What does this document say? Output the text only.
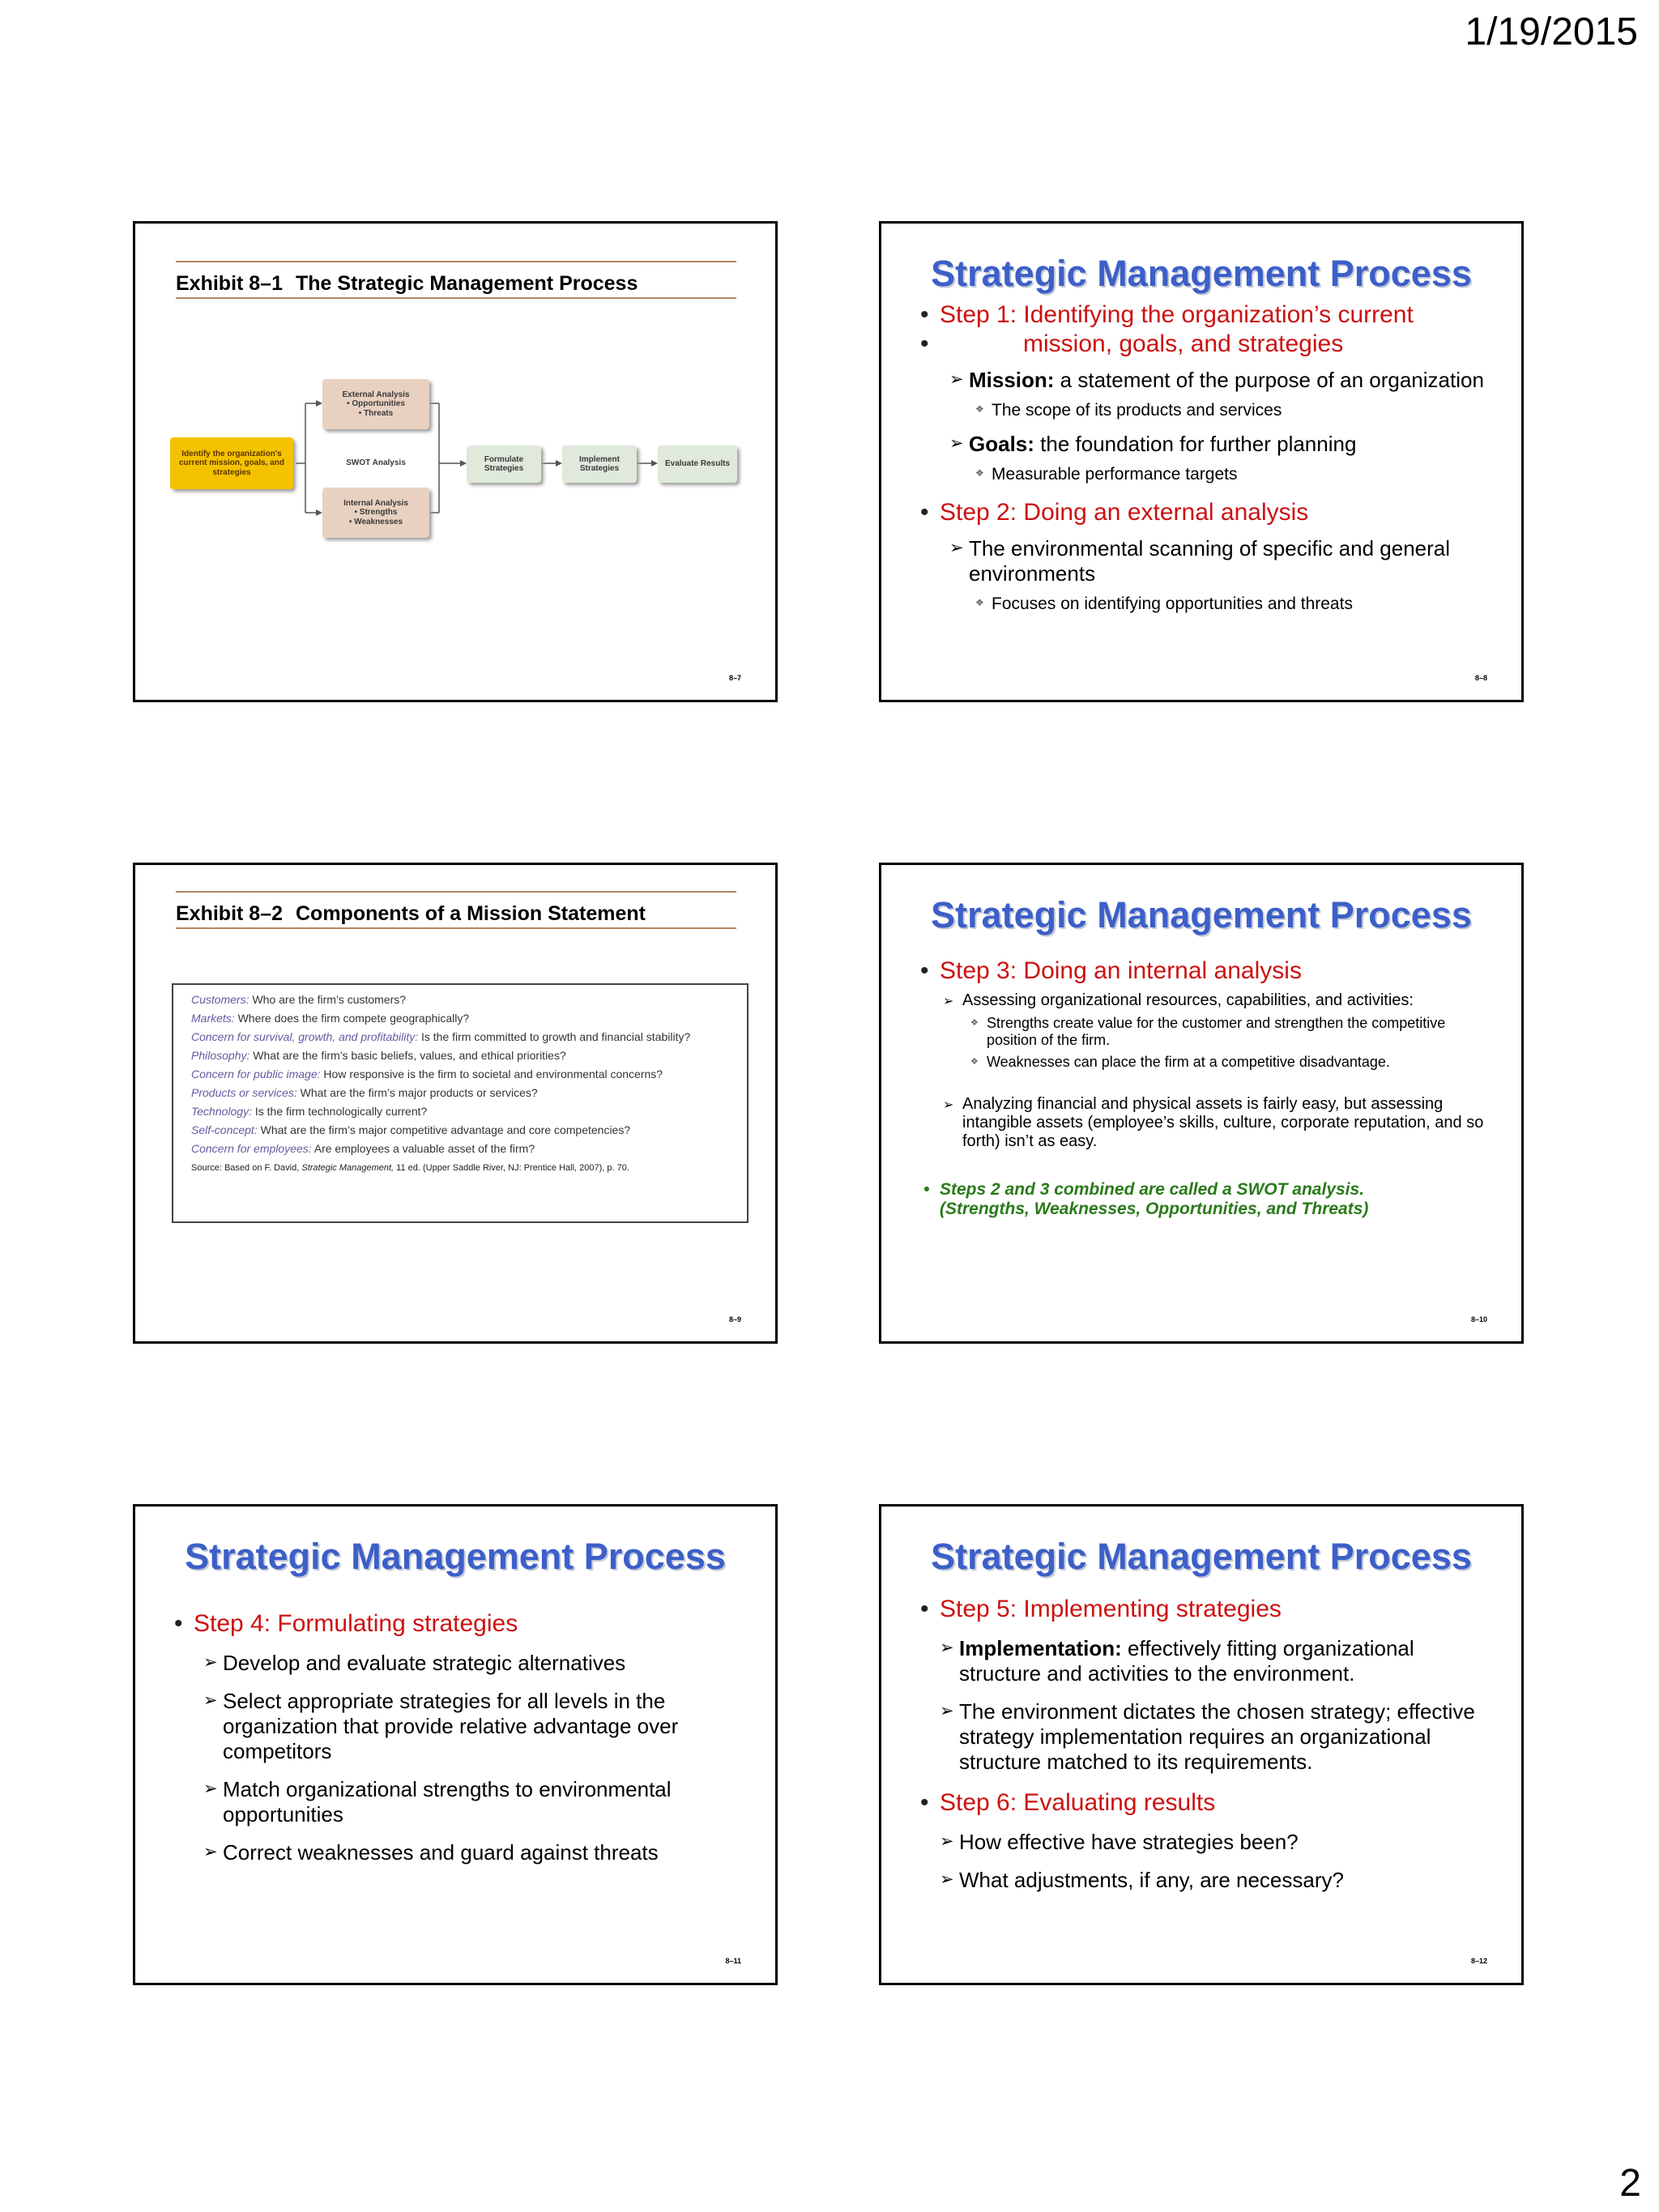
1/19/2015
Exhibit 8–1 The Strategic Management Process
Identify the organization's current mission, goals, and strategies
External Analysis
• Opportunities
• Threats
SWOT Analysis
Internal Analysis
• Strengths
• Weaknesses
Formulate Strategies
Implement Strategies
Evaluate Results
8–7
Strategic Management Process
• Step 1: Identifying the organization’s current
• mission, goals, and strategies
➢ Mission: a statement of the purpose of an organization
❖ The scope of its products and services
➢ Goals: the foundation for further planning
❖ Measurable performance targets
• Step 2: Doing an external analysis
➢ The environmental scanning of specific and general environments
❖ Focuses on identifying opportunities and threats
8–8
Exhibit 8–2 Components of a Mission Statement
Customers: Who are the firm’s customers?
Markets: Where does the firm compete geographically?
Concern for survival, growth, and profitability: Is the firm committed to growth and financial stability?
Philosophy: What are the firm’s basic beliefs, values, and ethical priorities?
Concern for public image: How responsive is the firm to societal and environmental concerns?
Products or services: What are the firm’s major products or services?
Technology: Is the firm technologically current?
Self-concept: What are the firm’s major competitive advantage and core competencies?
Concern for employees: Are employees a valuable asset of the firm?
Source: Based on F. David, Strategic Management, 11 ed. (Upper Saddle River, NJ: Prentice Hall, 2007), p. 70.
8–9
Strategic Management Process
• Step 3: Doing an internal analysis
➢ Assessing organizational resources, capabilities, and activities:
❖ Strengths create value for the customer and strengthen the competitive position of the firm.
❖ Weaknesses can place the firm at a competitive disadvantage.
➢ Analyzing financial and physical assets is fairly easy, but assessing intangible assets (employee’s skills, culture, corporate reputation, and so forth) isn’t as easy.
• Steps 2 and 3 combined are called a SWOT analysis.
(Strengths, Weaknesses, Opportunities, and Threats)
8–10
Strategic Management Process
• Step 4: Formulating strategies
➢ Develop and evaluate strategic alternatives
➢ Select appropriate strategies for all levels in the organization that provide relative advantage over competitors
➢ Match organizational strengths to environmental opportunities
➢ Correct weaknesses and guard against threats
8–11
Strategic Management Process
• Step 5: Implementing strategies
➢ Implementation: effectively fitting organizational structure and activities to the environment.
➢ The environment dictates the chosen strategy; effective strategy implementation requires an organizational structure matched to its requirements.
• Step 6: Evaluating results
➢ How effective have strategies been?
➢ What adjustments, if any, are necessary?
8–12
2
